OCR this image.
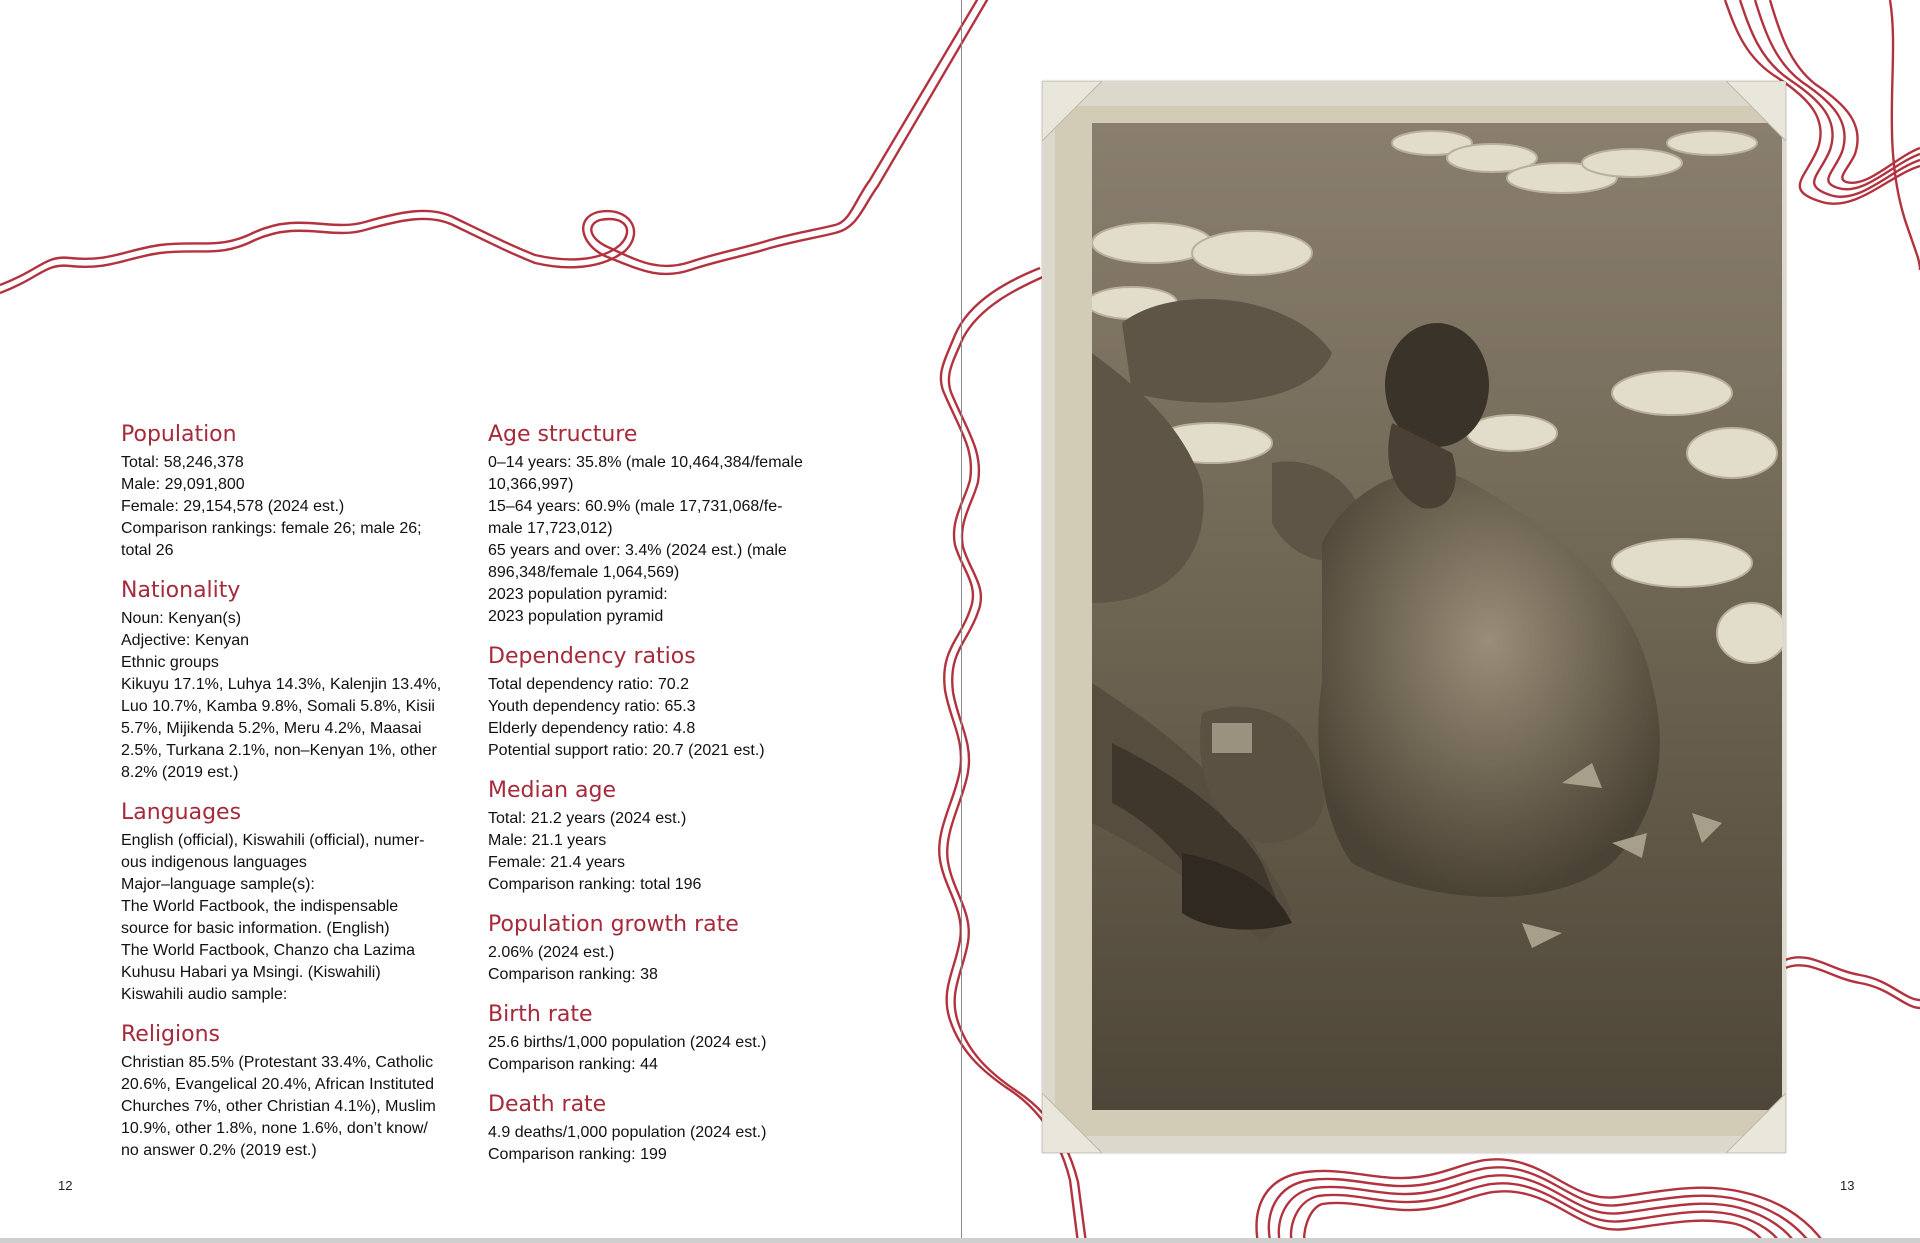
Population

Total: 58,246,378

Male: 29,091,800

Female: 29,154,578 (2024 est.)

Comparison rankings: female 26; male 26;

total 26

Nationality

Noun: Kenyan(s)

Adjective: Kenyan

Ethnic groups

Kikuyu 17.1%, Luhya 14.3%, Kalenjin 13.4%,

Luo 10.7%, Kamba 9.8%, Somali 5.8%, Kisii

5.7%, Mijikenda 5.2%, Meru 4.2%, Maasai

2.5%, Turkana 2.1%, non–Kenyan 1%, other

8.2% (2019 est.)

Languages

English (official), Kiswahili (official), numer-

ous indigenous languages

Major–language sample(s):

The World Factbook, the indispensable

source for basic information. (English)

The World Factbook, Chanzo cha Lazima

Kuhusu Habari ya Msingi. (Kiswahili)

Kiswahili audio sample:

Religions

Christian 85.5% (Protestant 33.4%, Catholic

20.6%, Evangelical 20.4%, African Instituted

Churches 7%, other Christian 4.1%), Muslim

10.9%, other 1.8%, none 1.6%, don’t know/

no answer 0.2% (2019 est.)

Age structure

0–14 years: 35.8% (male 10,464,384/female

10,366,997)

15–64 years: 60.9% (male 17,731,068/fe-

male 17,723,012)

65 years and over: 3.4% (2024 est.) (male

896,348/female 1,064,569)

2023 population pyramid:

2023 population pyramid

Dependency ratios

Total dependency ratio: 70.2

Youth dependency ratio: 65.3

Elderly dependency ratio: 4.8

Potential support ratio: 20.7 (2021 est.)

Median age

Total: 21.2 years (2024 est.)

Male: 21.1 years

Female: 21.4 years

Comparison ranking: total 196

Population growth rate

2.06% (2024 est.)

Comparison ranking: 38

Birth rate

25.6 births/1,000 population (2024 est.)

Comparison ranking: 44

Death rate

4.9 deaths/1,000 population (2024 est.)

Comparison ranking: 199

12	13
